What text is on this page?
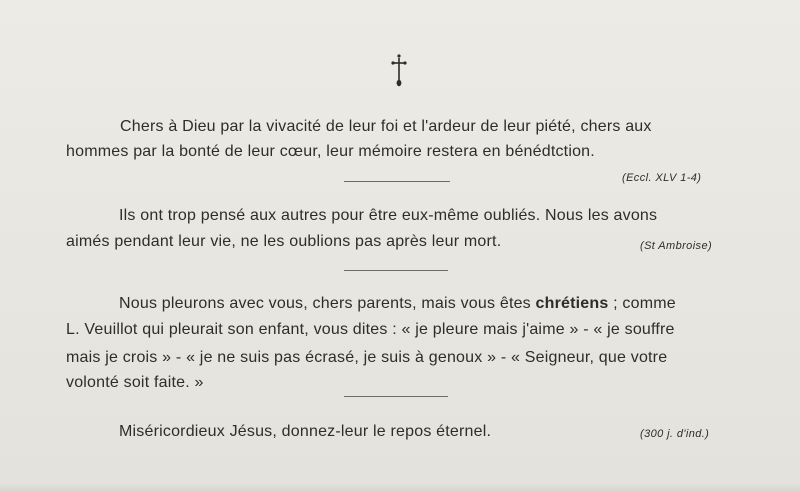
Chers à Dieu par la vivacité de leur foi et l'ardeur de leur piété, chers aux
hommes par la bonté de leur cœur, leur mémoire restera en bénédtction.
(Eccl. XLV 1-4)
Ils ont trop pensé aux autres pour être eux-même oubliés. Nous les avons
aimés pendant leur vie, ne les oublions pas après leur mort.	(St Ambroise)
Nous pleurons avec vous, chers parents, mais vous êtes chrétiens ; comme
L. Veuillot qui pleurait son enfant, vous dites : « je pleure mais j'aime » - « je souffre
mais je crois » - « je ne suis pas écrasé, je suis à genoux » - « Seigneur, que votre
volonté soit faite. »
Miséricordieux Jésus, donnez-leur le repos éternel.	(300 j. d'ind.)
